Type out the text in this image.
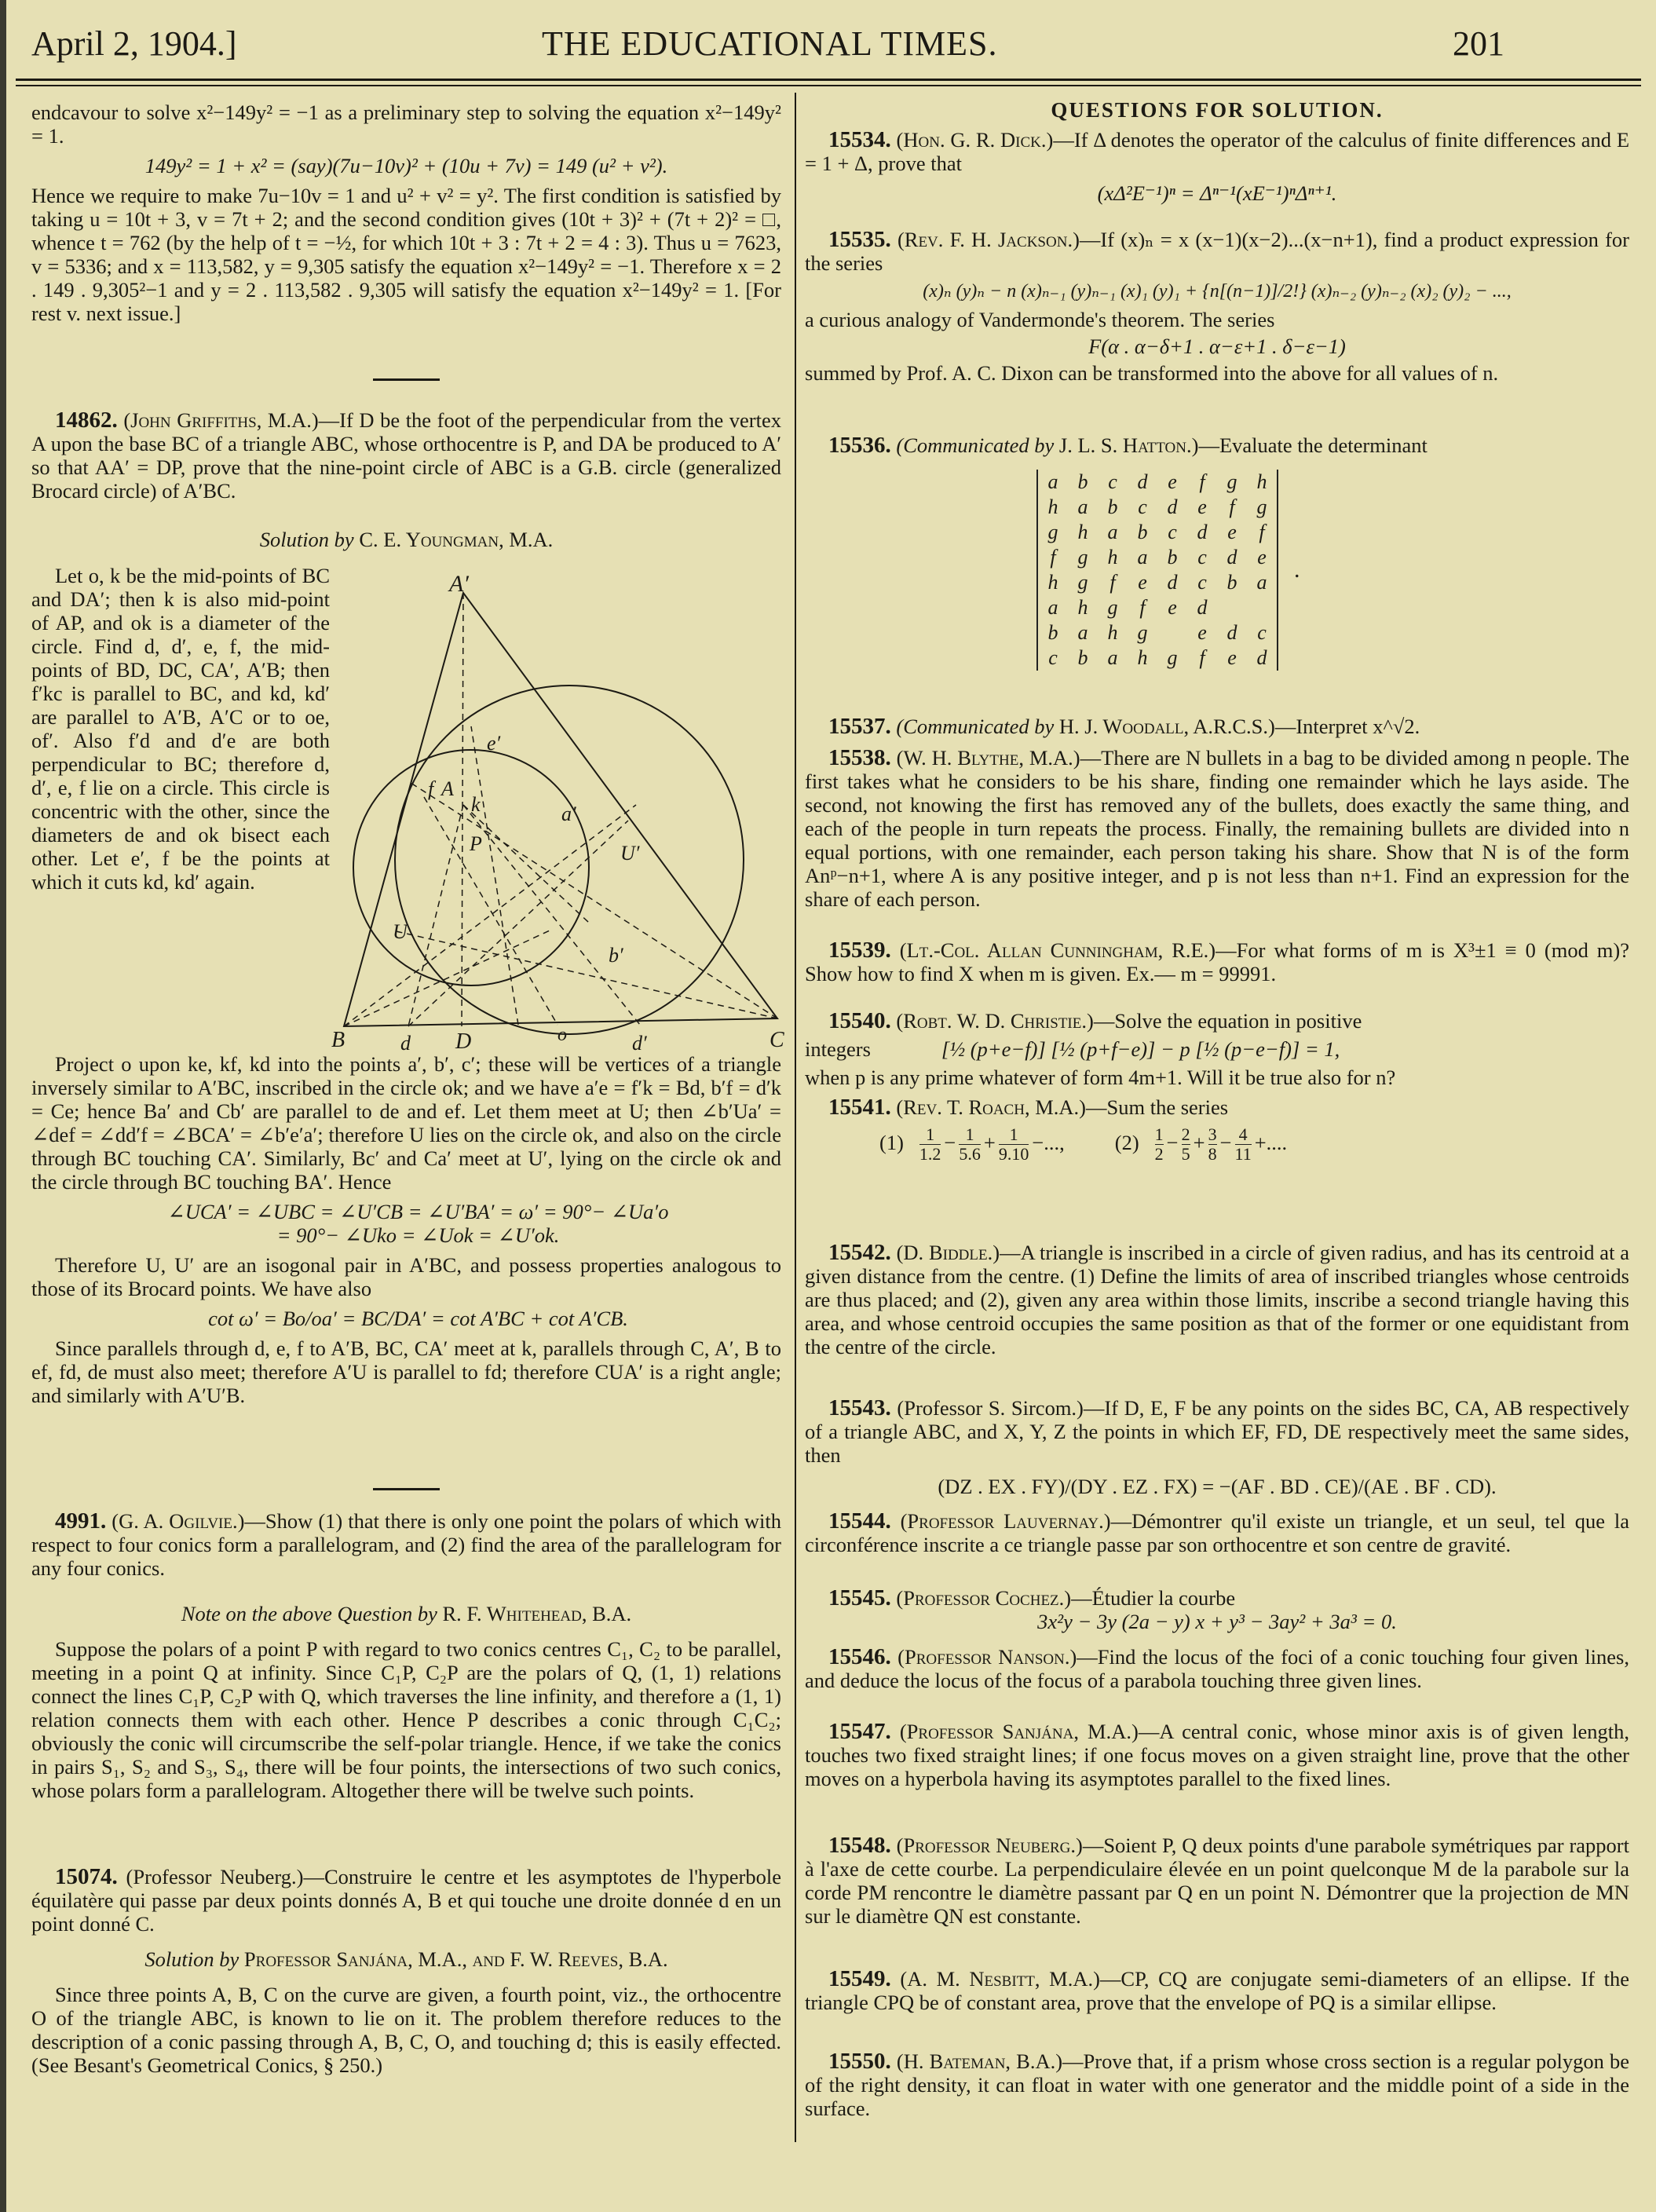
April 2, 1904.]	THE EDUCATIONAL TIMES.	201
endcavour to solve x²−149y² = −1 as a preliminary step to solving the equation x²−149y² = 1.
149y² = 1 + x² = (say)(7u−10v)² + (10u + 7v) = 149 (u² + v²).
Hence we require to make 7u−10v = 1 and u² + v² = y². The first condition is satisfied by taking u = 10t + 3, v = 7t + 2; and the second condition gives (10t + 3)² + (7t + 2)² = □, whence t = 762 (by the help of t = −½, for which 10t + 3 : 7t + 2 = 4 : 3). Thus u = 7623, v = 5336; and x = 113,582, y = 9,305 satisfy the equation x²−149y² = −1. Therefore x = 2 . 149 . 9,305²−1 and y = 2 . 113,582 . 9,305 will satisfy the equation x²−149y² = 1. [For rest v. next issue.]
14862. (John Griffiths, M.A.)—If D be the foot of the perpendicular from the vertex A upon the base BC of a triangle ABC, whose orthocentre is P, and DA be produced to A′ so that AA′ = DP, prove that the nine-point circle of ABC is a G.B. circle (generalized Brocard circle) of A′BC.
Solution by C. E. Youngman, M.A.
Let o, k be the mid-points of BC and DA′; then k is also mid-point of AP, and ok is a diameter of the circle. Find d, d′, e, f, the mid-points of BD, DC, CA′, A′B; then f′kc is parallel to BC, and kd, kd′ are parallel to A′B, A′C or to oe, of′. Also f′d and d′e are both perpendicular to BC; therefore d, d′, e, f lie on a circle. This circle is concentric with the other, since the diameters de and ok bisect each other. Let e′, f be the points at which it cuts kd, kd′ again.
A′
f A
e′
a′
k
P	U′
U
b′
B	d D	o	d′	C
Project o upon ke, kf, kd into the points a′, b′, c′; these will be vertices of a triangle inversely similar to A′BC, inscribed in the circle ok; and we have a′e = f′k = Bd, b′f = d′k = Ce; hence Ba′ and Cb′ are parallel to de and ef. Let them meet at U; then ∠b′Ua′ = ∠def = ∠dd′f = ∠BCA′ = ∠b′e′a′; therefore U lies on the circle ok, and also on the circle through BC touching CA′. Similarly, Bc′ and Ca′ meet at U′, lying on the circle ok and the circle through BC touching BA′. Hence
∠UCA′ = ∠UBC = ∠U′CB = ∠U′BA′ = ω′ = 90°− ∠Ua′o
= 90°− ∠Uko = ∠Uok = ∠U′ok.
Therefore U, U′ are an isogonal pair in A′BC, and possess properties analogous to those of its Brocard points. We have also
cot ω′ = Bo/oa′ = BC/DA′ = cot A′BC + cot A′CB.
Since parallels through d, e, f to A′B, BC, CA′ meet at k, parallels through C, A′, B to ef, fd, de must also meet; therefore A′U is parallel to fd; therefore CUA′ is a right angle; and similarly with A′U′B.
4991. (G. A. Ogilvie.)—Show (1) that there is only one point the polars of which with respect to four conics form a parallelogram, and (2) find the area of the parallelogram for any four conics.
Note on the above Question by R. F. Whitehead, B.A.
Suppose the polars of a point P with regard to two conics centres C₁, C₂ to be parallel, meeting in a point Q at infinity. Since C₁P, C₂P are the polars of Q, (1, 1) relations connect the lines C₁P, C₂P with Q, which traverses the line infinity, and therefore a (1, 1) relation connects them with each other. Hence P describes a conic through C₁C₂; obviously the conic will circumscribe the self-polar triangle. Hence, if we take the conics in pairs S₁, S₂ and S₃, S₄, there will be four points, the intersections of two such conics, whose polars form a parallelogram. Altogether there will be twelve such points.
15074. (Professor Neuberg.)—Construire le centre et les asymptotes de l'hyperbole équilatère qui passe par deux points donnés A, B et qui touche une droite donnée d en un point donné C.
Solution by Professor Sanjána, M.A., and F. W. Reeves, B.A.
Since three points A, B, C on the curve are given, a fourth point, viz., the orthocentre O of the triangle ABC, is known to lie on it. The problem therefore reduces to the description of a conic passing through A, B, C, O, and touching d; this is easily effected. (See Besant's Geometrical Conics, § 250.)
QUESTIONS FOR SOLUTION.
15534. (Hon. G. R. Dick.)—If Δ denotes the operator of the calculus of finite differences and E = 1 + Δ, prove that
(xΔ²E⁻¹)ⁿ = Δⁿ⁻¹(xE⁻¹)ⁿΔⁿ⁺¹.
15535. (Rev. F. H. Jackson.)—If (x)ₙ = x (x−1)(x−2)...(x−n+1), find a product expression for the series
(x)ₙ (y)ₙ − n (x)ₙ₋₁ (y)ₙ₋₁ (x)₁ (y)₁ + {n[(n−1)]/2!} (x)ₙ₋₂ (y)ₙ₋₂ (x)₂ (y)₂ − ...,
a curious analogy of Vandermonde's theorem. The series
F(α . α−δ+1 . α−ε+1 . δ−ε−1)
summed by Prof. A. C. Dixon can be transformed into the above for all values of n.
15536. (Communicated by J. L. S. Hatton.)—Evaluate the determinant
a	b	c	d	e	f	g	h
h	a	b	c	d	e	f	g
g	h	a	b	c	d	e	f
f	g	h	a	b	c	d	e
h	g	f	e	d	c	b	a
a	h	g	f	e	d		
b	a	h	g		e	d	c
c	b	a	h	g	f	e	d
.
15537. (Communicated by H. J. Woodall, A.R.C.S.)—Interpret x^√2.
15538. (W. H. Blythe, M.A.)—There are N bullets in a bag to be divided among n people. The first takes what he considers to be his share, finding one remainder which he lays aside. The second, not knowing the first has removed any of the bullets, does exactly the same thing, and each of the people in turn repeats the process. Finally, the remaining bullets are divided into n equal portions, with one remainder, each person taking his share. Show that N is of the form Anᵖ−n+1, where A is any positive integer, and p is not less than n+1. Find an expression for the share of each person.
15539. (Lt.-Col. Allan Cunningham, R.E.)—For what forms of m is X³±1 ≡ 0 (mod m)? Show how to find X when m is given. Ex.— m = 99991.
15540. (Robt. W. D. Christie.)—Solve the equation in positive
integers	[½ (p+e−f)] [½ (p+f−e)] − p [½ (p−e−f)] = 1,
when p is any prime whatever of form 4m+1. Will it be true also for n?
15541. (Rev. T. Roach, M.A.)—Sum the series
$(1) \frac{1}{1.2} - \frac{1}{5.6} + \frac{1}{9.10}$ −..., $(2) \frac{1}{2} - \frac{2}{5} + \frac{3}{8} - \frac{4}{11}$ +....
15542. (D. Biddle.)—A triangle is inscribed in a circle of given radius, and has its centroid at a given distance from the centre. (1) Define the limits of area of inscribed triangles whose centroids are thus placed; and (2), given any area within those limits, inscribe a second triangle having this area, and whose centroid occupies the same position as that of the former or one equidistant from the centre of the circle.
15543. (Professor S. Sircom.)—If D, E, F be any points on the sides BC, CA, AB respectively of a triangle ABC, and X, Y, Z the points in which EF, FD, DE respectively meet the same sides, then
(DZ . EX . FY)/(DY . EZ . FX) = −(AF . BD . CE)/(AE . BF . CD).
15544. (Professor Lauvernay.)—Démontrer qu'il existe un triangle, et un seul, tel que la circonférence inscrite a ce triangle passe par son orthocentre et son centre de gravité.
15545. (Professor Cochez.)—Étudier la courbe
3x²y − 3y (2a − y) x + y³ − 3ay² + 3a³ = 0.
15546. (Professor Nanson.)—Find the locus of the foci of a conic touching four given lines, and deduce the locus of the focus of a parabola touching three given lines.
15547. (Professor Sanjána, M.A.)—A central conic, whose minor axis is of given length, touches two fixed straight lines; if one focus moves on a given straight line, prove that the other moves on a hyperbola having its asymptotes parallel to the fixed lines.
15548. (Professor Neuberg.)—Soient P, Q deux points d'une parabole symétriques par rapport à l'axe de cette courbe. La perpendiculaire élevée en un point quelconque M de la parabole sur la corde PM rencontre le diamètre passant par Q en un point N. Démontrer que la projection de MN sur le diamètre QN est constante.
15549. (A. M. Nesbitt, M.A.)—CP, CQ are conjugate semi-diameters of an ellipse. If the triangle CPQ be of constant area, prove that the envelope of PQ is a similar ellipse.
15550. (H. Bateman, B.A.)—Prove that, if a prism whose cross section is a regular polygon be of the right density, it can float in water with one generator and the middle point of a side in the surface.
